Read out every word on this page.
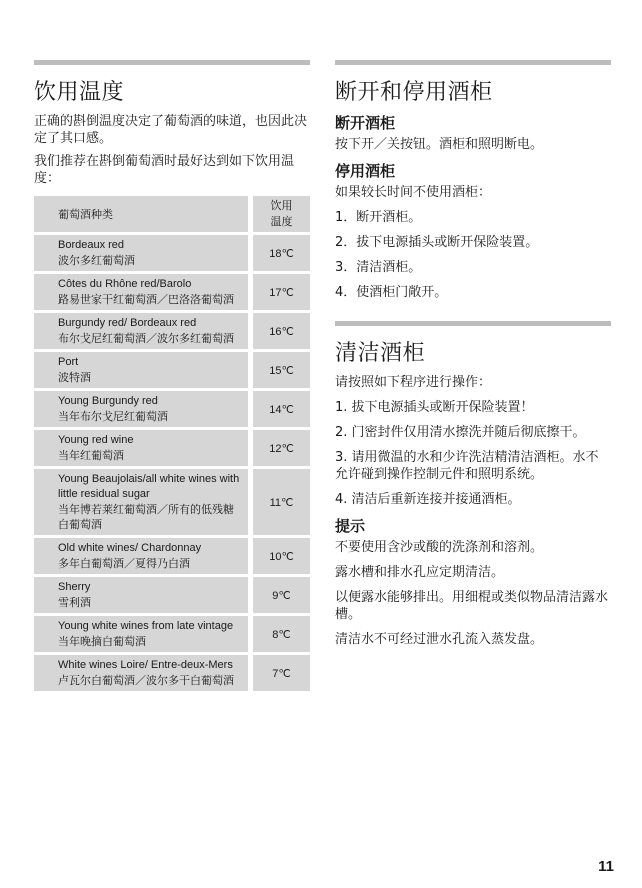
饮用温度

正确的斟倒温度决定了葡萄酒的味道，也因此决定了其口感。

我们推荐在斟倒葡萄酒时最好达到如下饮用温度：

葡萄酒种类	饮用
温度

Bordeaux red
波尔多红葡萄酒	18℃

Côtes du Rhône red/Barolo
路易世家干红葡萄酒／巴洛洛葡萄酒	17℃

Burgundy red/ Bordeaux red
布尔戈尼红葡萄酒／波尔多红葡萄酒	16℃

Port
波特酒	15℃

Young Burgundy red
当年布尔戈尼红葡萄酒	14℃

Young red wine
当年红葡萄酒	12℃

Young Beaujolais/all white wines with little residual sugar
当年博若莱红葡萄酒／所有的低残糖白葡萄酒	11℃

Old white wines/ Chardonnay
多年白葡萄酒／夏得乃白酒	10℃

Sherry
雪利酒	9℃

Young white wines from late vintage
当年晚摘白葡萄酒	8℃

White wines Loire/ Entre-deux-Mers
卢瓦尔白葡萄酒／波尔多干白葡萄酒	7℃
断开和停用酒柜
断开酒柜

按下开／关按钮。酒柜和照明断电。

停用酒柜

如果较长时间不使用酒柜：

1．断开酒柜。

2．拔下电源插头或断开保险装置。

3．清洁酒柜。

4．使酒柜门敞开。

清洁酒柜

请按照如下程序进行操作：

1. 拔下电源插头或断开保险装置！

2. 门密封件仅用清水擦洗并随后彻底擦干。

3. 请用微温的水和少许洗洁精清洁酒柜。水不允许碰到操作控制元件和照明系统。

4. 清洁后重新连接并接通酒柜。

提示

不要使用含沙或酸的洗涤剂和溶剂。

露水槽和排水孔应定期清洁。

以便露水能够排出。用细棍或类似物品清洁露水槽。

清洁水不可经过泄水孔流入蒸发盘。

11
